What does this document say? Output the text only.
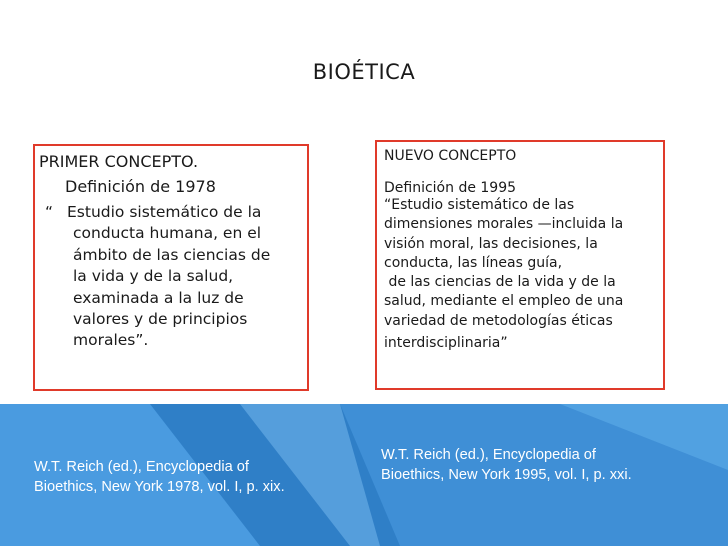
BIOÉTICA
PRIMER CONCEPTO.
Definición de 1978
“ Estudio sistemático de la
conducta humana, en el
ámbito de las ciencias de
la vida y de la salud,
examinada a la luz de
valores y de principios
morales”.
NUEVO CONCEPTO
Definición de 1995
“Estudio sistemático de las
dimensiones morales —incluida la
visión moral, las decisiones, la
conducta, las líneas guía,
de las ciencias de la vida y de la
salud, mediante el empleo de una
variedad de metodologías éticas
interdisciplinaria”
W.T. Reich (ed.), Encyclopedia of
Bioethics, New York 1978, vol. I, p. xix.
W.T. Reich (ed.), Encyclopedia of
Bioethics, New York 1995, vol. I, p. xxi.
